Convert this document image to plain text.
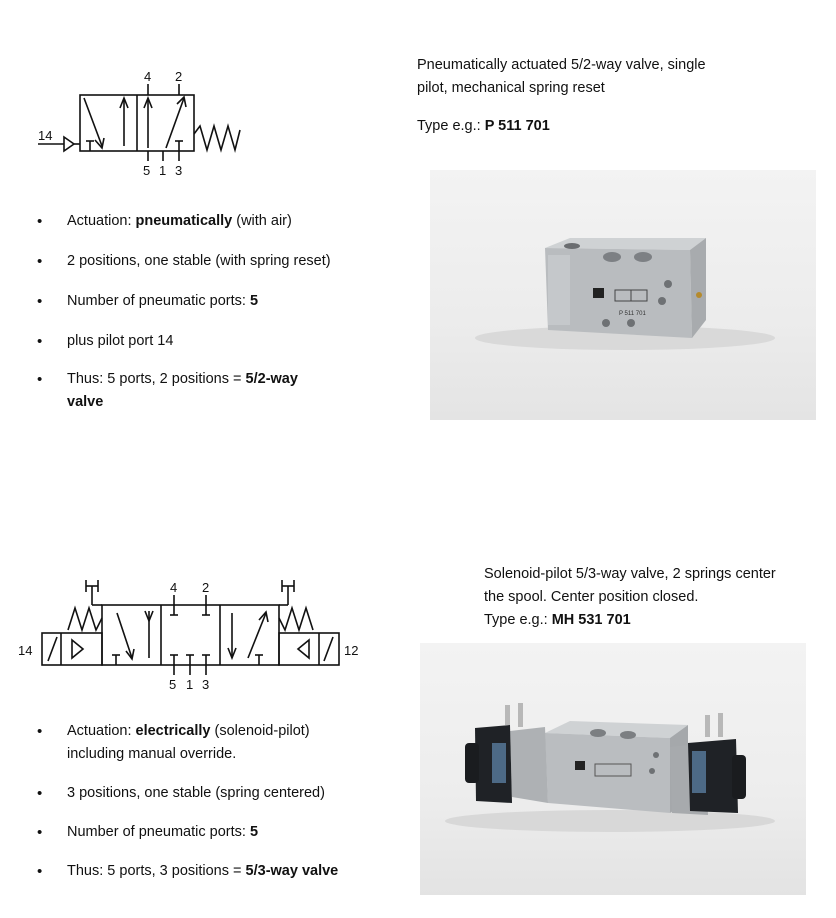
4 2
5 1 3
14
Pneumatically actuated 5/2-way valve, single
pilot, mechanical spring reset
Type e.g.: P 511 701
P 511 701
• Actuation: pneumatically (with air)
• 2 positions, one stable (with spring reset)
• Number of pneumatic ports: 5
• plus pilot port 14
• Thus: 5 ports, 2 positions = 5/2-way
valve
14	12
4 2
5 1 3
Solenoid-pilot 5/3-way valve, 2 springs center
the spool. Center position closed.
Type e.g.: MH 531 701
• Actuation: electrically (solenoid-pilot)
including manual override.
• 3 positions, one stable (spring centered)
• Number of pneumatic ports: 5
• Thus: 5 ports, 3 positions = 5/3-way valve
